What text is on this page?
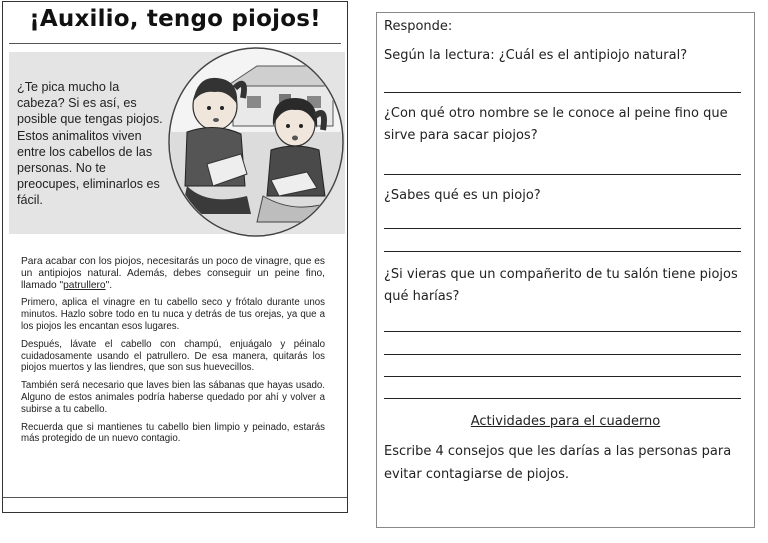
¡Auxilio, tengo piojos!
¿Te pica mucho la cabeza? Si es así, es posible que tengas piojos. Estos animalitos viven entre los cabellos de las personas. No te preocupes, eliminarlos es fácil.

Para acabar con los piojos, necesitarás un poco de vinagre, que es un antipiojos natural. Además, debes conseguir un peine fino, llamado "patrullero".

Primero, aplica el vinagre en tu cabello seco y frótalo durante unos minutos. Hazlo sobre todo en tu nuca y detrás de tus orejas, ya que a los piojos les encantan esos lugares.

Después, lávate el cabello con champú, enjuágalo y péinalo cuidadosamente usando el patrullero. De esa manera, quitarás los piojos muertos y las liendres, que son sus huevecillos.

También será necesario que laves bien las sábanas que hayas usado. Alguno de estos animales podría haberse quedado por ahí y volver a subirse a tu cabello.

Recuerda que si mantienes tu cabello bien limpio y peinado, estarás más protegido de un nuevo contagio.

Responde:
Según la lectura: ¿Cuál es el antipiojo natural?
¿Con qué otro nombre se le conoce al peine fino que sirve para sacar piojos?
¿Sabes qué es un piojo?
¿Si vieras que un compañerito de tu salón tiene piojos qué harías?
Actividades para el cuaderno
Escribe 4 consejos que les darías a las personas para evitar contagiarse de piojos.
